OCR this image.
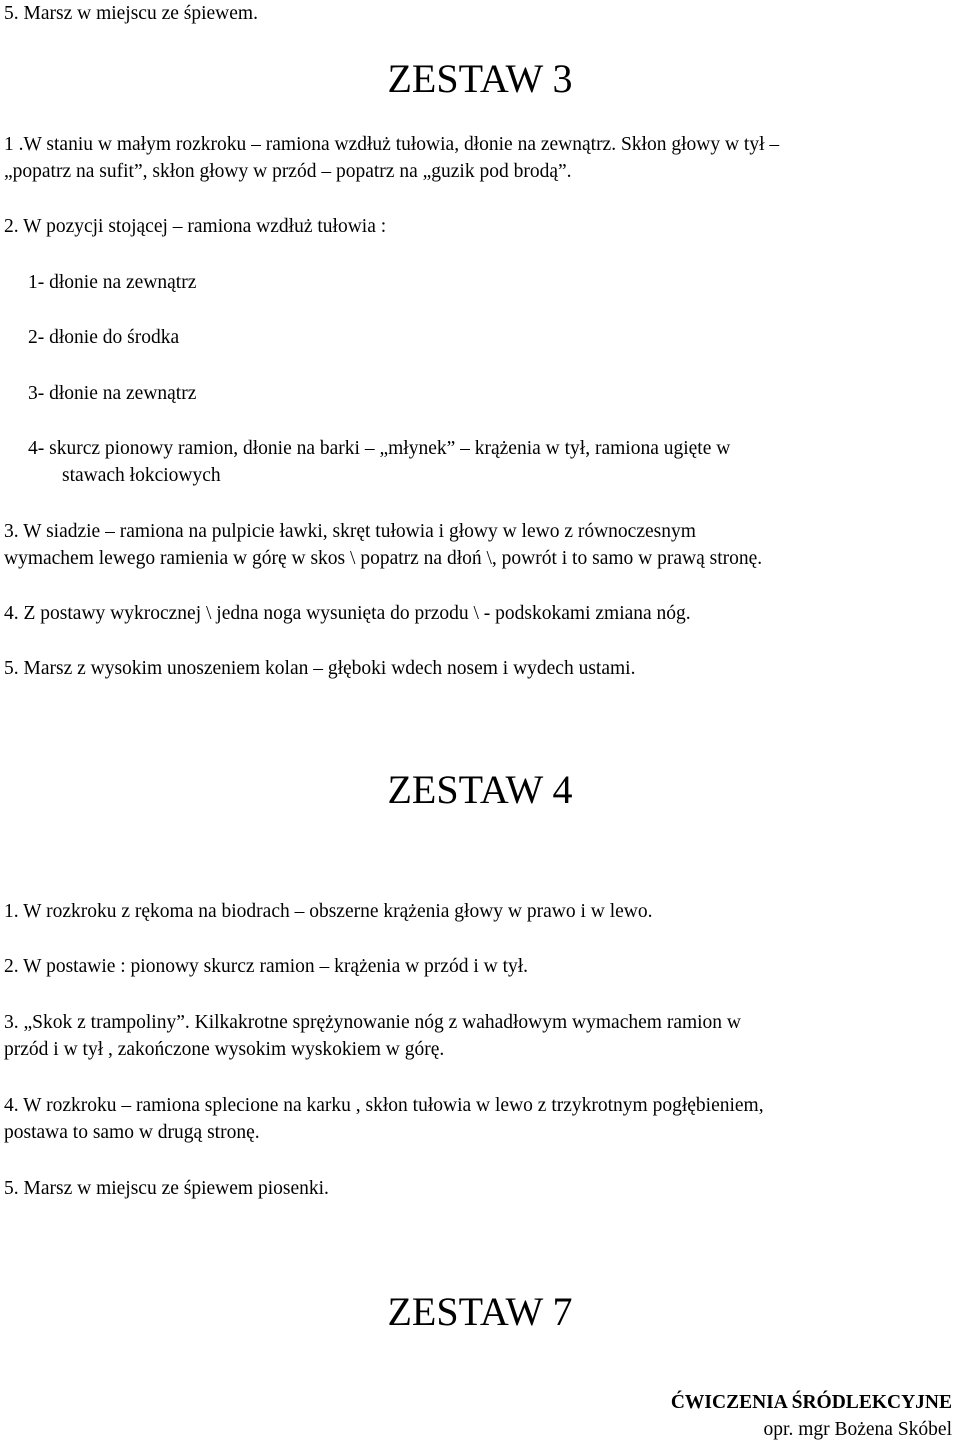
5. Marsz w miejscu ze śpiewem.

ZESTAW 3

1 .W staniu w małym rozkroku – ramiona wzdłuż tułowia, dłonie na zewnątrz. Skłon głowy w tył –

„popatrz na sufit”, skłon głowy w przód – popatrz na „guzik pod brodą”.

2. W pozycji stojącej – ramiona wzdłuż tułowia :

1- dłonie na zewnątrz

2- dłonie do środka

3- dłonie na zewnątrz

4- skurcz pionowy ramion, dłonie na barki – „młynek” – krążenia w tył, ramiona ugięte w

stawach łokciowych

3. W siadzie – ramiona na pulpicie ławki, skręt tułowia i głowy w lewo z równoczesnym

wymachem lewego ramienia w górę w skos \ popatrz na dłoń \, powrót i to samo w prawą stronę.

4. Z postawy wykrocznej \ jedna noga wysunięta do przodu \ - podskokami zmiana nóg.

5. Marsz z wysokim unoszeniem kolan – głęboki wdech nosem i wydech ustami.

ZESTAW 4

1. W rozkroku z rękoma na biodrach – obszerne krążenia głowy w prawo i w lewo.

2. W postawie : pionowy skurcz ramion – krążenia w przód i w tył.

3. „Skok z trampoliny”. Kilkakrotne sprężynowanie nóg z wahadłowym wymachem ramion w

przód i w tył , zakończone wysokim wyskokiem w górę.

4. W rozkroku – ramiona splecione na karku , skłon tułowia w lewo z trzykrotnym pogłębieniem,

postawa to samo w drugą stronę.

5. Marsz w miejscu ze śpiewem piosenki.

ZESTAW 7

ĆWICZENIA ŚRÓDLEKCYJNE

opr. mgr Bożena Skóbel
